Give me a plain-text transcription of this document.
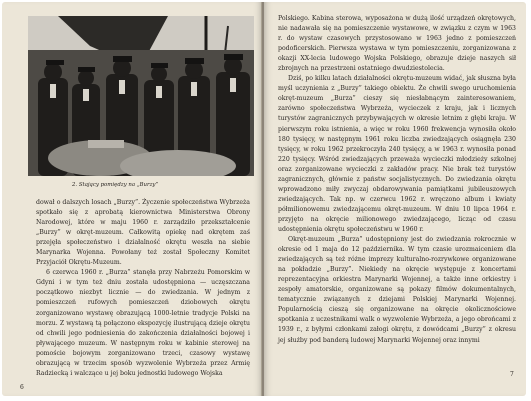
2. Stający pomiędzy na „Burzy”

dował o dalszych losach „Burzy”. Życzenie społeczeństwa Wybrzeża spotkało się z aprobatą kierownictwa Ministerstwa Obrony Narodowej, które w maju 1960 r. zarządziło przekształcenie „Burzy” w okręt-muzeum. Całkowitą opiekę nad okrętem zaś przejęła społeczeństwo i działalność okrętu weszła na siebie Marynarka Wojenna. Powołany też został Społeczny Komitet Przyjaciół Okrętu-Muzeum.

6 czerwca 1960 r. „Burza” stanęła przy Nabrzeżu Pomorskim w Gdyni i w tym też dniu została udostępniona — uczęszczana początkowo niezbyt licznie — do zwiedzania. W jednym z pomieszczeń rufowych pomieszczeń dziobowych okrętu zorganizowano wystawę obrazującą 1000-letnie tradycje Polski na morzu. Z wystawą tą połączono ekspozycję ilustrującą dzieje okrętu od chwili jego podniesienia do zakończenia działalności bojowej i pływającego muzeum. W następnym roku w kabinie sterowej na pomoście bojowym zorganizowano trzeci, czasowy wystawę obrazującą w trzecim sposób wyzwolenie Wybrzeża przez Armię Radziecką i walczące u jej boku jednostki ludowego Wojska

6

Polskiego. Kabina sterowa, wyposażona w dużą ilość urządzeń okrętowych, nie nadawała się na pomieszczenie wystawowe, w związku z czym w 1963 r. do wystaw czasowych przystosowano w 1963 jedno z pomieszczeń podoficerskich. Pierwsza wystawa w tym pomieszczeniu, zorganizowana z okazji XX-lecia ludowego Wojska Polskiego, obrazuje dzieje naszych sił zbrojnych na przestrzeni ostatniego dwudziestolecia.

Dziś, po kilku latach działalności okrętu-muzeum widać, jak słuszna była myśl uczynienia z „Burzy” takiego obiektu. Że chwili swego uruchomienia okręt-muzeum „Burza” cieszy się niesłabnącym zainteresowaniem, zarówno społeczeństwa Wybrzeża, wycieczek z kraju, jak i licznych turystów zagranicznych przybywających w okresie letnim z głębi kraju. W pierwszym roku istnienia, a więc w roku 1960 frekwencja wynosiła około 180 tysięcy, w następnym 1961 roku liczba zwiedzających osiągnęła 230 tysięcy, w roku 1962 przekroczyła 240 tysięcy, a w 1963 r. wynosiła ponad 220 tysięcy. Wśród zwiedzających przeważa wycieczki młodzieży szkolnej oraz zorganizowane wycieczki z zakładów pracy. Nie brak też turystów zagranicznych, głównie z państw socjalistycznych. Do zwiedzania okrętu wprowadzono miły zwyczaj obdarowywania pamiątkami jubileuszowych zwiedzających. Tak np. w czerwcu 1962 r. wręczono album i kwiaty półmilionowemu zwiedzającemu okręt-muzeum. W dniu 10 lipca 1964 r. przyjęto na okręcie milionowego zwiedzającego, licząc od czasu udostępnienia okrętu społeczeństwu w 1960 r.

Okręt-muzeum „Burza” udostępniony jest do zwiedzania rokrocznie w okresie od 1 maja do 12 października. W tym czasie urozmaiceniem dla zwiedzających są też różne imprezy kulturalno-rozrywkowe organizowane na pokładzie „Burzy”. Niekiedy na okręcie występuje z koncertami reprezentacyjna orkiestra Marynarki Wojennej, a także inne orkiestry i zespoły amatorskie, organizowane są pokazy filmów dokumentalnych, tematycznie związanych z dziejami Polskiej Marynarki Wojennej. Popularnością cieszą się organizowane na okręcie okolicznościowe spotkania z uczestnikami walk o wyzwolenie Wybrzeża, a jego obrońcami z 1939 r., z byłymi członkami załogi okrętu, z dowódcami „Burzy” z okresu jej służby pod banderą ludowej Marynarki Wojennej oraz innymi

7
